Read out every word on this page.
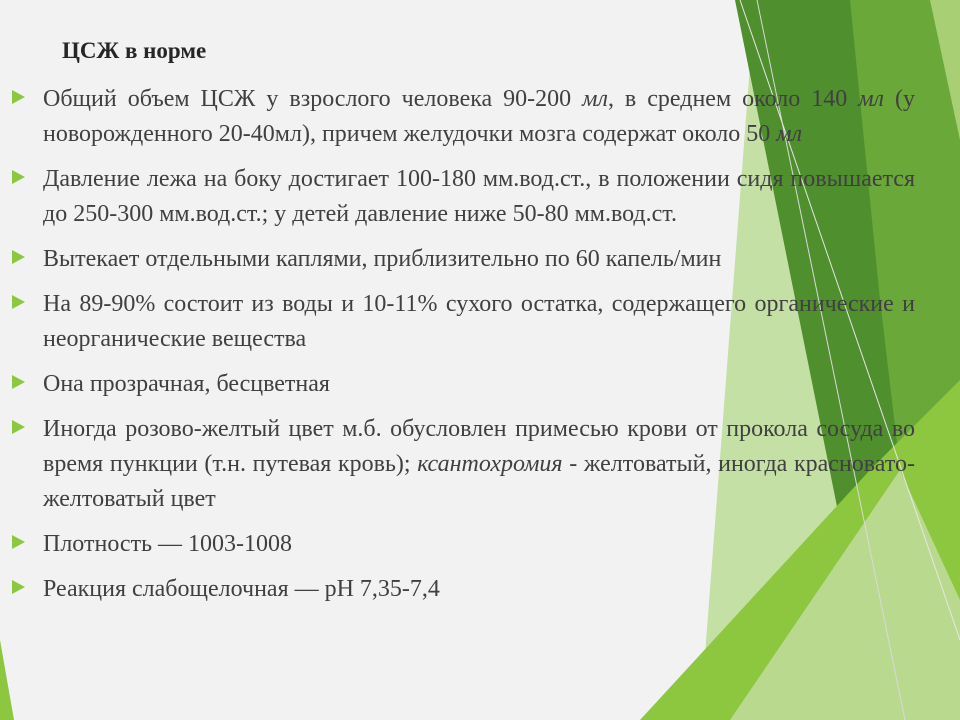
ЦСЖ в норме
Общий объем ЦСЖ у взрослого человека 90-200 мл, в среднем около 140 мл (у новорожденного 20-40мл), причем желудочки мозга содержат около 50 мл
Давление лежа на боку достигает 100-180 мм.вод.ст., в положении сидя повышается до 250-300 мм.вод.ст.; у детей давление ниже 50-80 мм.вод.ст.
Вытекает отдельными каплями, приблизительно по 60 капель/мин
На 89-90% состоит из воды и 10-11% сухого остатка, содержащего органические и неорганические вещества
Она прозрачная, бесцветная
Иногда розово-желтый цвет м.б. обусловлен примесью крови от прокола сосуда во время пункции (т.н. путевая кровь); ксантохромия - желтоватый, иногда красновато-желтоватый цвет
Плотность — 1003-1008
Реакция слабощелочная — рН 7,35-7,4
